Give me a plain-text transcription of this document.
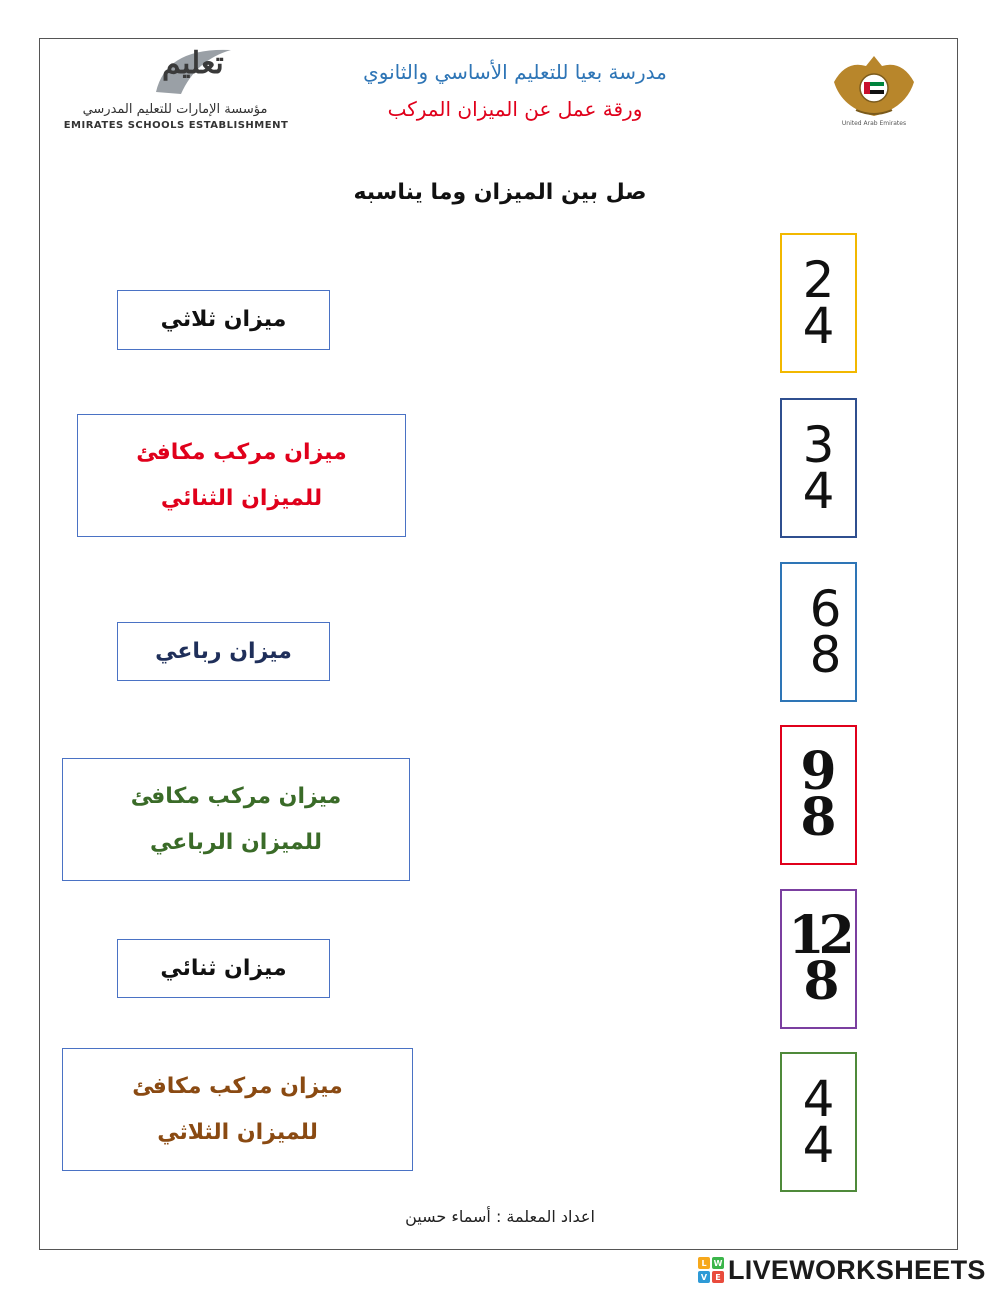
تعليم
مؤسسة الإمارات للتعليم المدرسي
EMIRATES SCHOOLS ESTABLISHMENT
مدرسة بعيا للتعليم الأساسي والثانوي
ورقة عمل عن الميزان المركب
United Arab Emirates
صل بين الميزان وما يناسبه
ميزان ثلاثي
ميزان مركب مكافئ
للميزان الثنائي
ميزان رباعي
ميزان مركب مكافئ
للميزان الرباعي
ميزان ثنائي
ميزان مركب مكافئ
للميزان الثلاثي
2
4
3
4
6
8
9
8
12
8
4
4
اعداد المعلمة : أسماء حسين
L W
V	E LIVEWORKSHEETS
